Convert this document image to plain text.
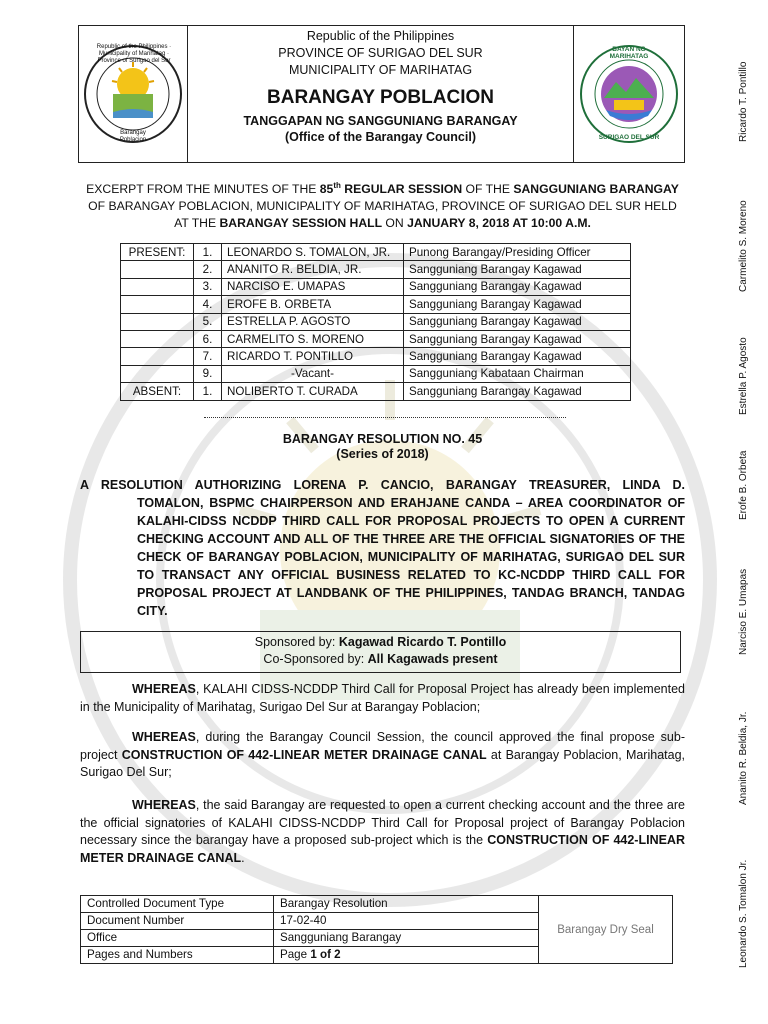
Republic of the Philippines · Municipality of Marihatag · Province of Surigao del Sur
Barangay Poblacion
Republic of the Philippines
PROVINCE OF SURIGAO DEL SUR
MUNICIPALITY OF MARIHATAG
BARANGAY POBLACION
TANGGAPAN NG SANGGUNIANG BARANGAY
(Office of the Barangay Council)
BAYAN NG MARIHATAG
SURIGAO DEL SUR
EXCERPT FROM THE MINUTES OF THE 85th REGULAR SESSION OF THE SANGGUNIANG BARANGAY
OF BARANGAY POBLACION, MUNICIPALITY OF MARIHATAG, PROVINCE OF SURIGAO DEL SUR HELD
AT THE BARANGAY SESSION HALL ON JANUARY 8, 2018 AT 10:00 A.M.
PRESENT:	1.	LEONARDO S. TOMALON, JR.	Punong Barangay/Presiding Officer
	2.	ANANITO R. BELDIA, JR.	Sangguniang Barangay Kagawad
	3.	NARCISO E. UMAPAS	Sangguniang Barangay Kagawad
	4.	EROFE B. ORBETA	Sangguniang Barangay Kagawad
	5.	ESTRELLA P. AGOSTO	Sangguniang Barangay Kagawad
	6.	CARMELITO S. MORENO	Sangguniang Barangay Kagawad
	7.	RICARDO T. PONTILLO	Sangguniang Barangay Kagawad
	9.	-Vacant-	Sangguniang Kabataan Chairman
ABSENT:	1.	NOLIBERTO T. CURADA	Sangguniang Barangay Kagawad
BARANGAY RESOLUTION NO. 45
(Series of 2018)
A RESOLUTION AUTHORIZING LORENA P. CANCIO, BARANGAY TREASURER, LINDA D.
TOMALON, BSPMC CHAIRPERSON AND ERAHJANE CANDA – AREA COORDINATOR OF KALAHI-CIDSS NCDDP THIRD CALL FOR PROPOSAL PROJECTS TO OPEN A CURRENT CHECKING ACCOUNT AND ALL OF THE THREE ARE THE OFFICIAL SIGNATORIES OF THE CHECK OF BARANGAY POBLACION, MUNICIPALITY OF MARIHATAG, SURIGAO DEL SUR TO TRANSACT ANY OFFICIAL BUSINESS RELATED TO KC-NCDDP THIRD CALL FOR PROPOSAL PROJECT AT LANDBANK OF THE PHILIPPINES, TANDAG BRANCH, TANDAG CITY.
Sponsored by: Kagawad Ricardo T. Pontillo
Co-Sponsored by: All Kagawads present
WHEREAS, KALAHI CIDSS-NCDDP Third Call for Proposal Project has already been implemented in the Municipality of Marihatag, Surigao Del Sur at Barangay Poblacion;
WHEREAS, during the Barangay Council Session, the council approved the final propose sub-project CONSTRUCTION OF 442-LINEAR METER DRAINAGE CANAL at Barangay Poblacion, Marihatag, Surigao Del Sur;
WHEREAS, the said Barangay are requested to open a current checking account and the three are the official signatories of KALAHI CIDSS-NCDDP Third Call for Proposal project of Barangay Poblacion necessary since the barangay have a proposed sub-project which is the CONSTRUCTION OF 442-LINEAR METER DRAINAGE CANAL.
Controlled Document Type	Barangay Resolution	Barangay Dry Seal
Document Number	17-02-40	
Office	Sangguniang Barangay	
Pages and Numbers	Page 1 of 2	
Ricardo T. Pontillo
Carmelito S. Moreno
Estrella P. Agosto
Erofe B. Orbeta
Narciso E. Umapas
Ananito R. Beldia, Jr.
Leonardo S. Tomalon Jr.
